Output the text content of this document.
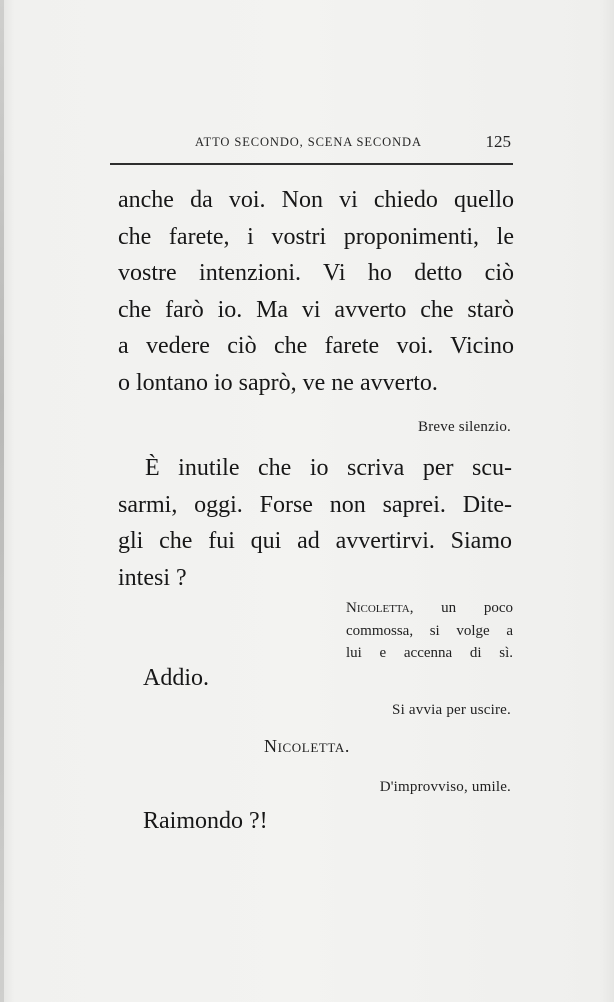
ATTO SECONDO, SCENA SECONDA	125
anche da voi. Non vi chiedo quello
che farete, i vostri proponimenti, le
vostre intenzioni. Vi ho detto ciò
che farò io. Ma vi avverto che starò
a vedere ciò che farete voi. Vicino
o lontano io saprò, ve ne avverto.
Breve silenzio.
È inutile che io scriva per scu-
sarmi, oggi. Forse non saprei. Dite-
gli che fui qui ad avvertirvi. Siamo
intesi ?
Nicoletta, un poco
commossa, si volge a
lui e accenna di sì.
Addio.
Si avvia per uscire.
Nicoletta.
D'improvviso, umile.
Raimondo ?!
